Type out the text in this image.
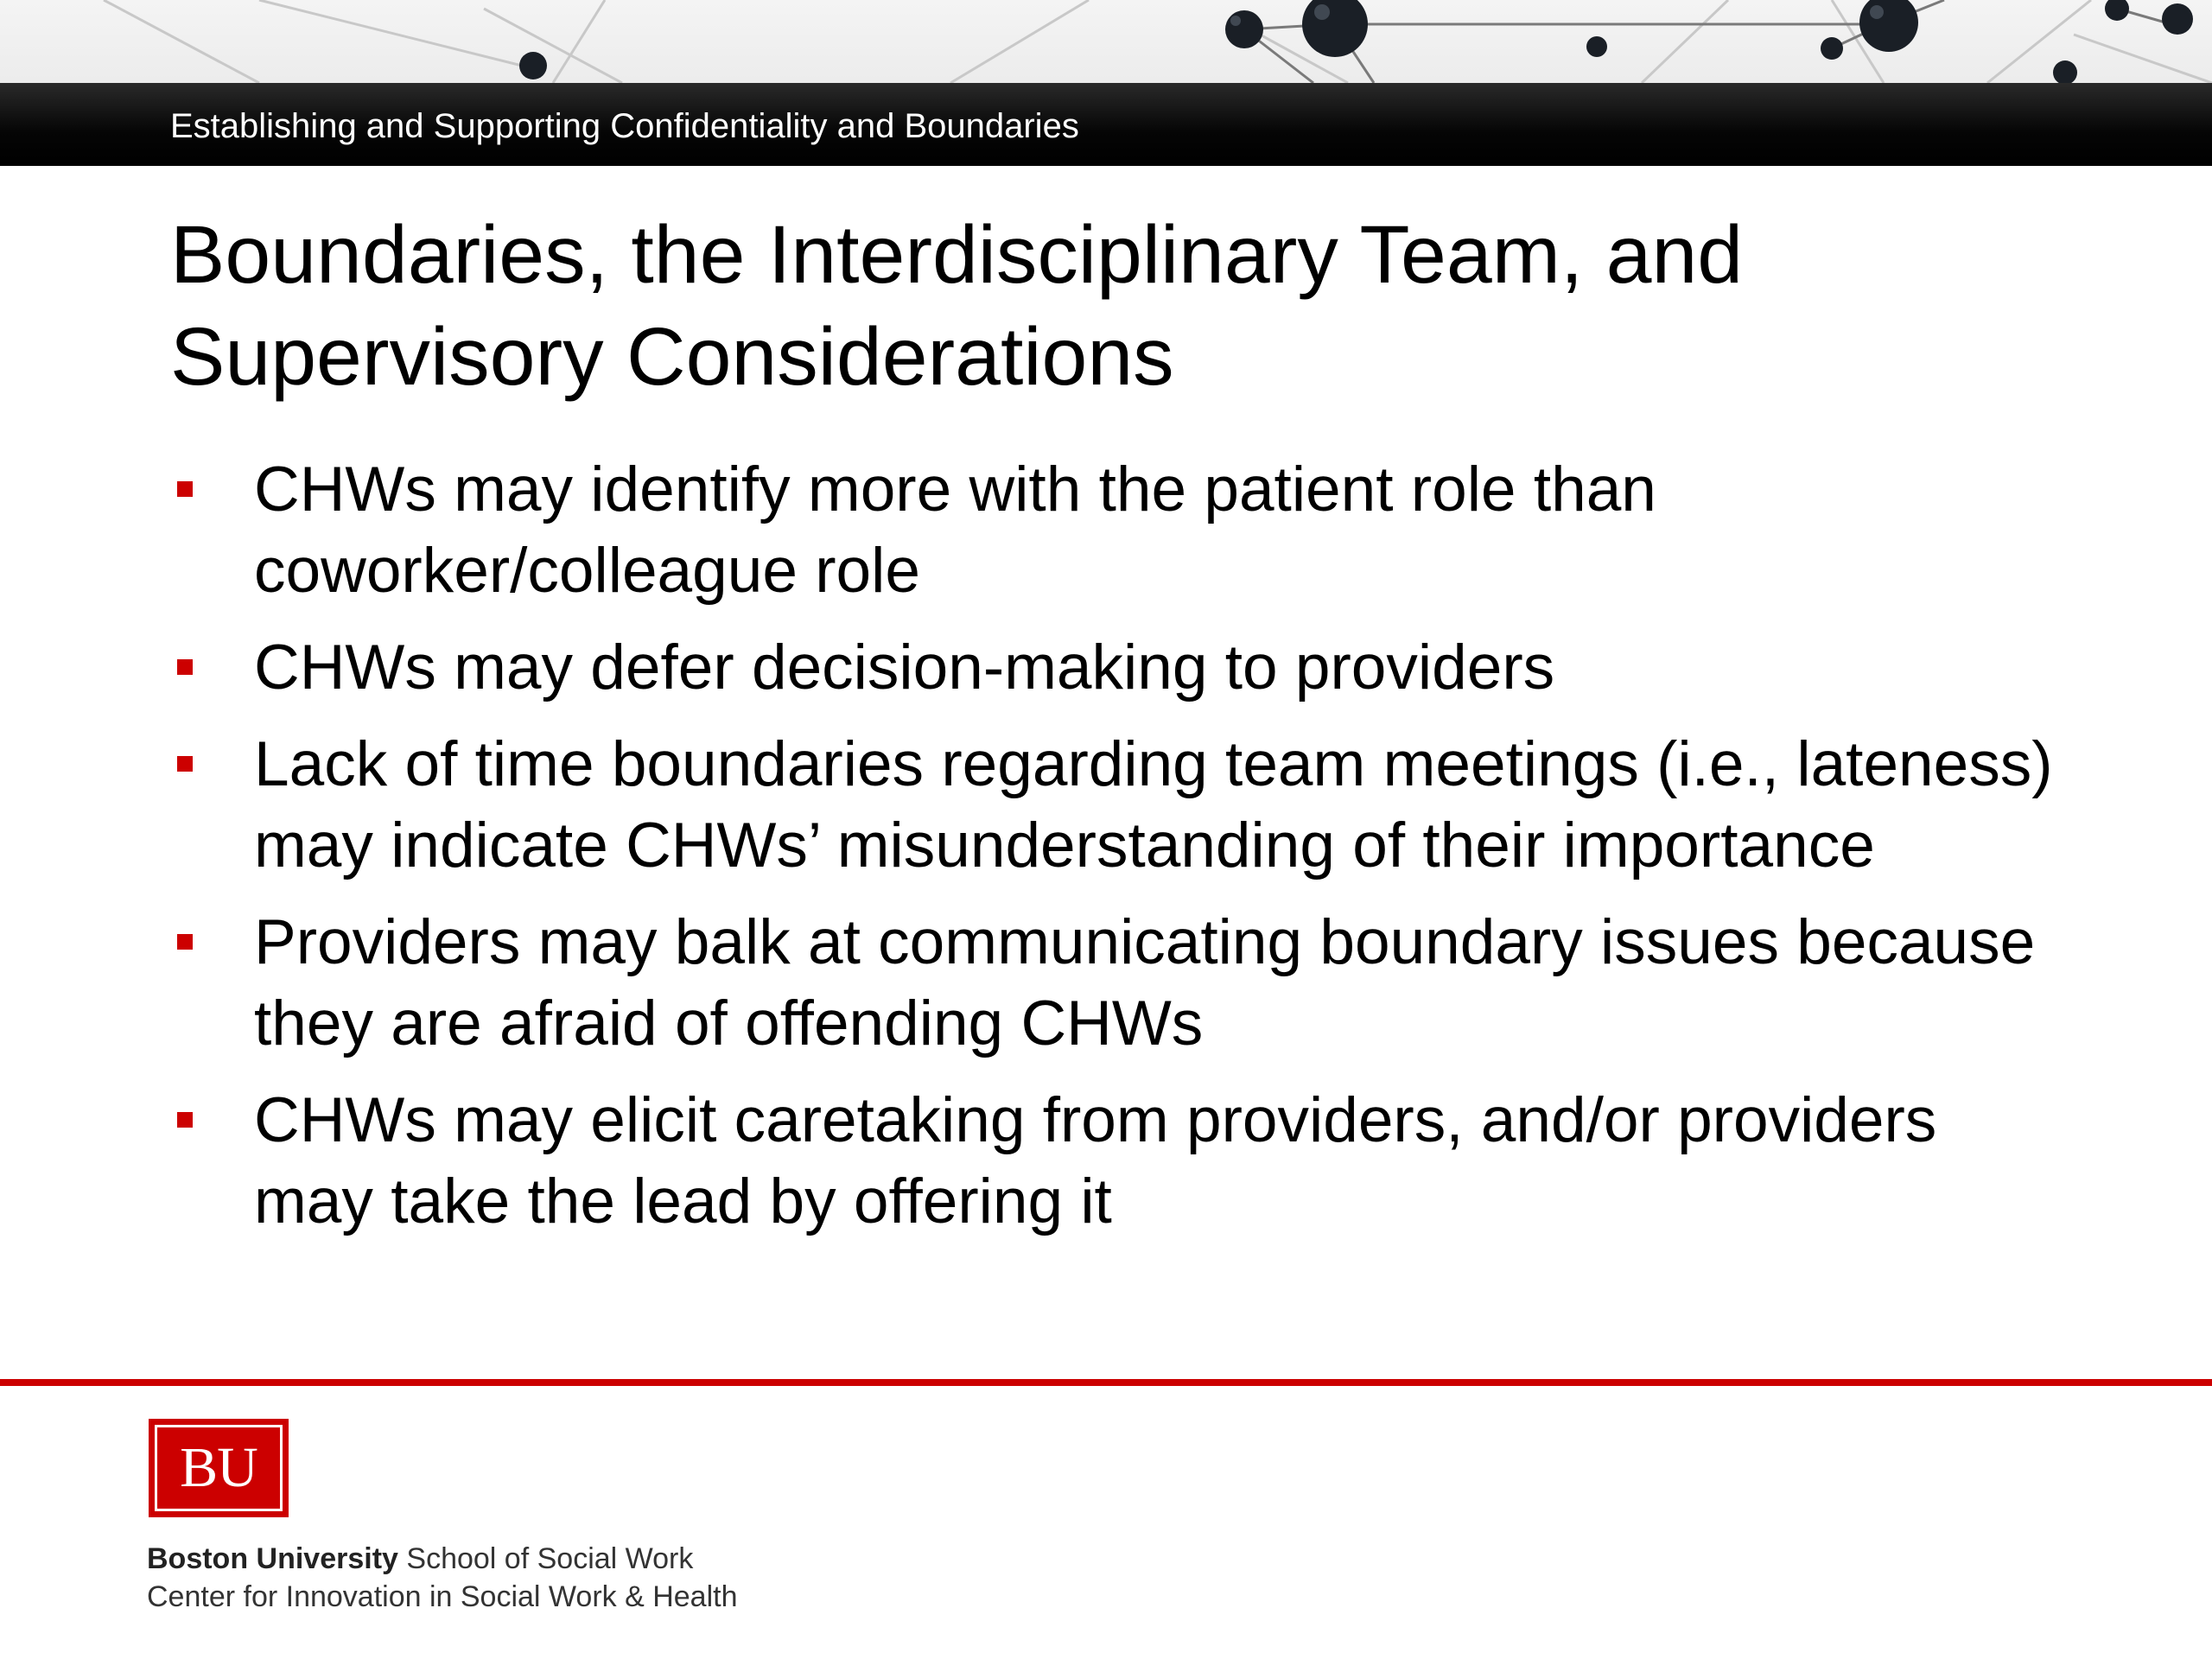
Establishing and Supporting Confidentiality and Boundaries
Boundaries, the Interdisciplinary Team, and Supervisory Considerations
CHWs may identify more with the patient role than coworker/colleague role
CHWs may defer decision-making to providers
Lack of time boundaries regarding team meetings (i.e., lateness) may indicate CHWs’ misunderstanding of their importance
Providers may balk at communicating boundary issues because they are afraid of offending CHWs
CHWs may elicit caretaking from providers, and/or providers may take the lead by offering it
BU
Boston University School of Social Work
Center for Innovation in Social Work & Health
